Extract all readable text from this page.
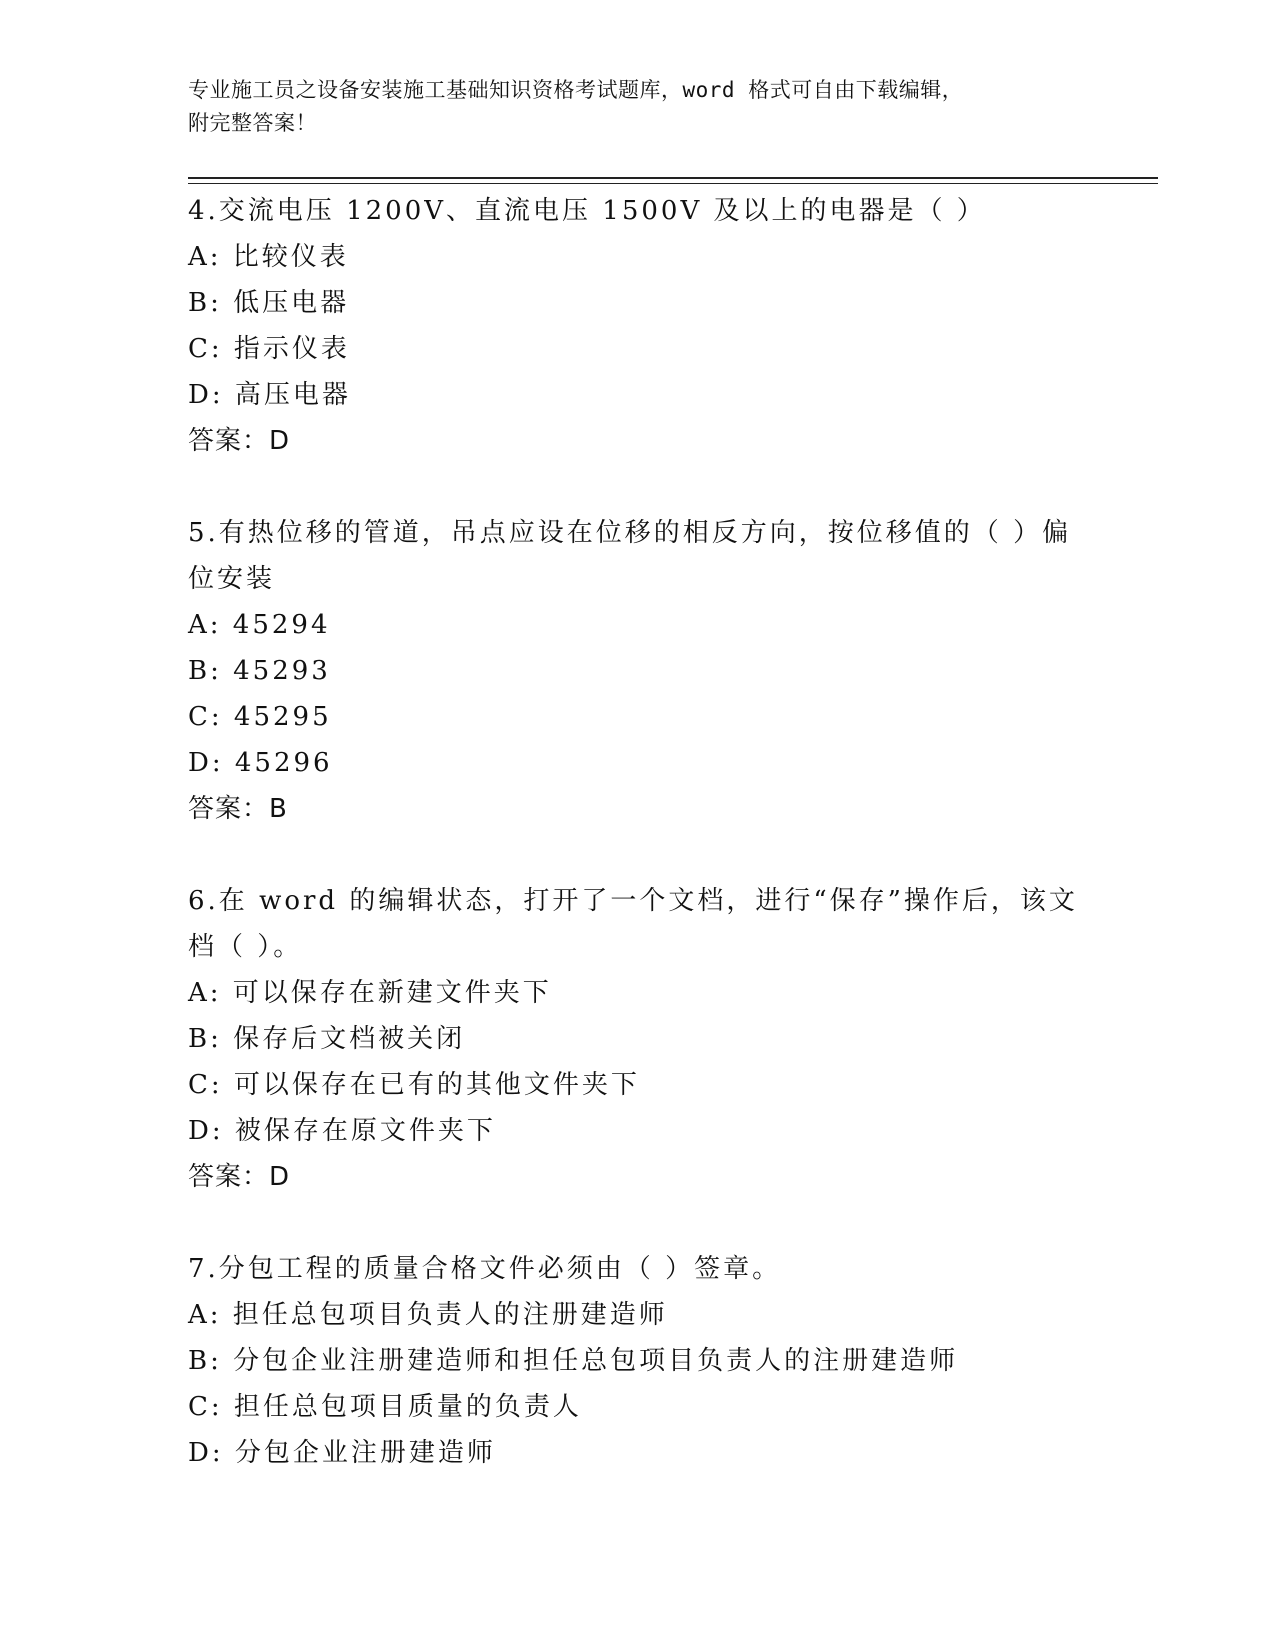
专业施工员之设备安装施工基础知识资格考试题库，word 格式可自由下载编辑，
附完整答案！
4.交流电压 1200V、直流电压 1500V 及以上的电器是（ ）
A: 比较仪表
B: 低压电器
C: 指示仪表
D: 高压电器
答案：D
5.有热位移的管道，吊点应设在位移的相反方向，按位移值的（ ）偏位安装
A: 45294
B: 45293
C: 45295
D: 45296
答案：B
6.在 word 的编辑状态，打开了一个文档，进行“保存”操作后，该文档（ ）。
A: 可以保存在新建文件夹下
B: 保存后文档被关闭
C: 可以保存在已有的其他文件夹下
D: 被保存在原文件夹下
答案：D
7.分包工程的质量合格文件必须由（ ）签章。
A: 担任总包项目负责人的注册建造师
B: 分包企业注册建造师和担任总包项目负责人的注册建造师
C: 担任总包项目质量的负责人
D: 分包企业注册建造师
